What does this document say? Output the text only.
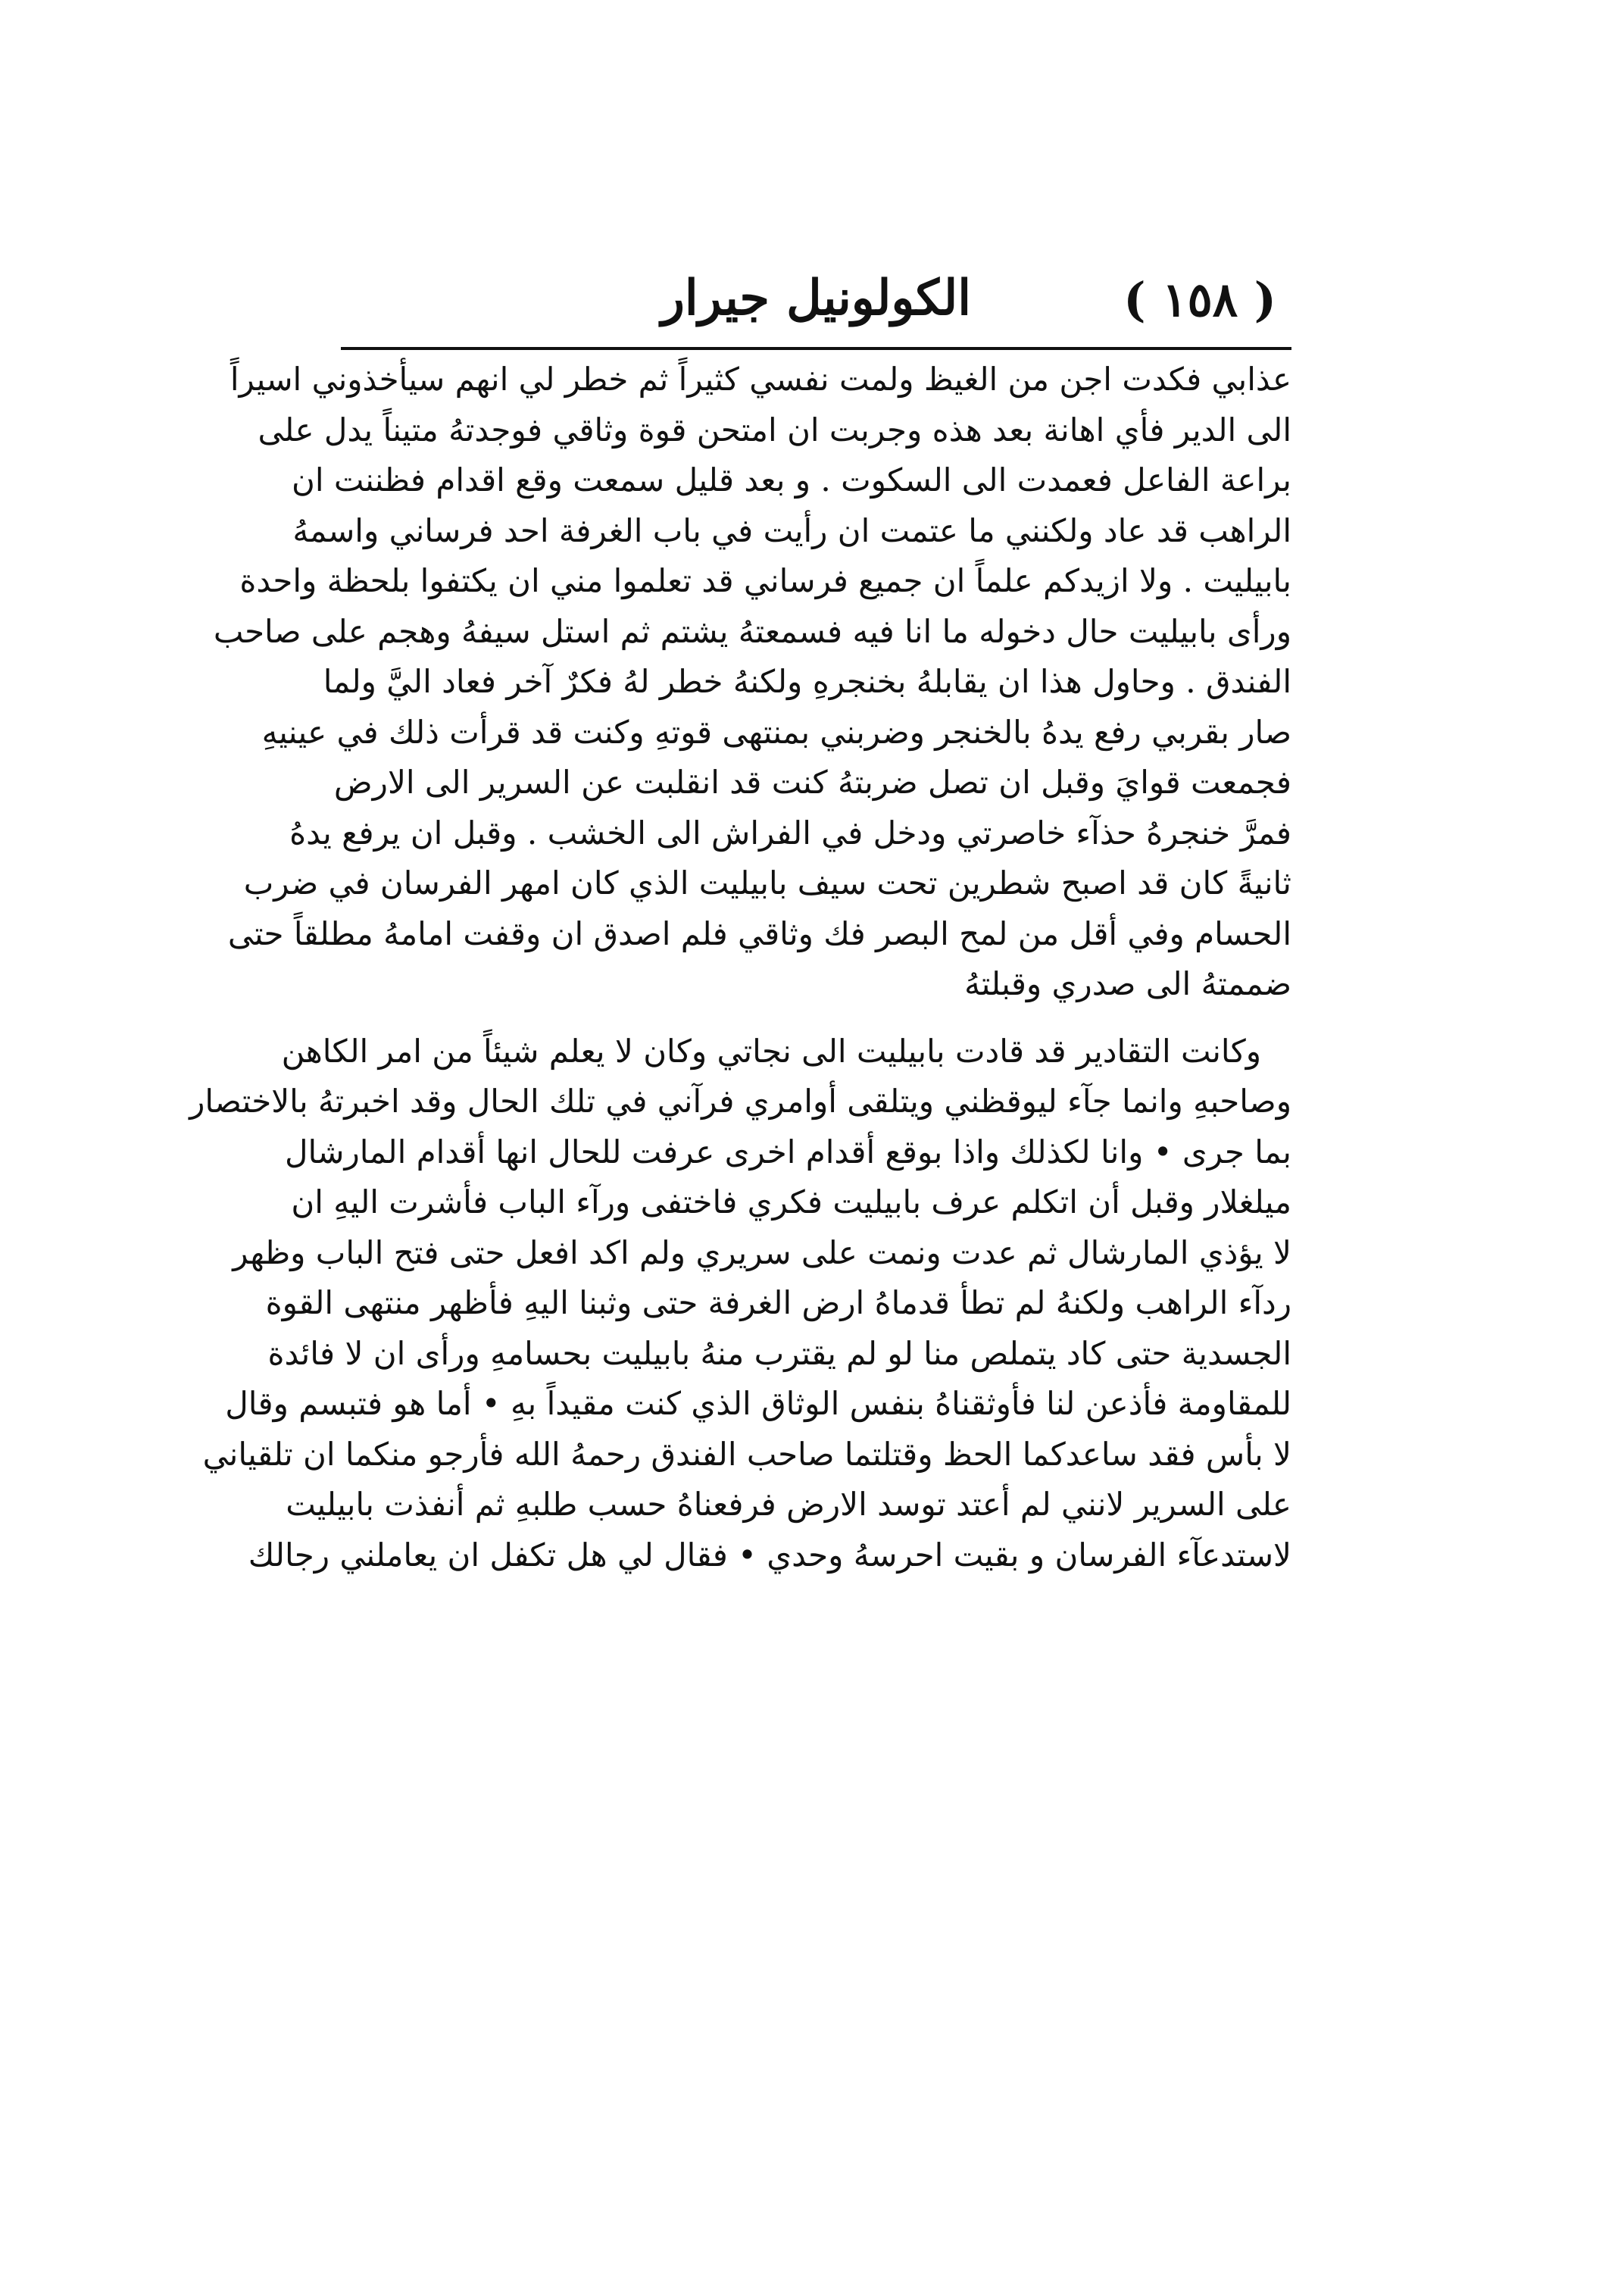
( ١٥٨ )
الكولونيل جيرار
عذابي فكدت اجن من الغيظ ولمت نفسي كثيراً ثم خطر لي انهم سيأخذوني اسيراً
الى الدير فأي اهانة بعد هذه وجربت ان امتحن قوة وثاقي فوجدتهُ متيناً يدل على
براعة الفاعل فعمدت الى السكوت . و بعد قليل سمعت وقع اقدام فظننت ان
الراهب قد عاد ولكنني ما عتمت ان رأيت في باب الغرفة احد فرساني واسمهُ
بابيليت . ولا ازيدكم علماً ان جميع فرساني قد تعلموا مني ان يكتفوا بلحظة واحدة
ورأى بابيليت حال دخوله ما انا فيه فسمعتهُ يشتم ثم استل سيفهُ وهجم على صاحب
الفندق . وحاول هذا ان يقابلهُ بخنجرهِ ولكنهُ خطر لهُ فكرٌ آخر فعاد اليَّ ولما
صار بقربي رفع يدهُ بالخنجر وضربني بمنتهى قوتهِ وكنت قد قرأت ذلك في عينيهِ
فجمعت قوايَ وقبل ان تصل ضربتهُ كنت قد انقلبت عن السرير الى الارض
فمرَّ خنجرهُ حذآء خاصرتي ودخل في الفراش الى الخشب . وقبل ان يرفع يدهُ
ثانيةً كان قد اصبح شطرين تحت سيف بابيليت الذي كان امهر الفرسان في ضرب
الحسام وفي أقل من لمح البصر فك وثاقي فلم اصدق ان وقفت امامهُ مطلقاً حتى
ضممتهُ الى صدري وقبلتهُ
وكانت التقادير قد قادت بابيليت الى نجاتي وكان لا يعلم شيئاً من امر الكاهن
وصاحبهِ وانما جآء ليوقظني ويتلقى أوامري فرآني في تلك الحال وقد اخبرتهُ بالاختصار
بما جرى • وانا لكذلك واذا بوقع أقدام اخرى عرفت للحال انها أقدام المارشال
ميلغلار وقبل أن اتكلم عرف بابيليت فكري فاختفى ورآء الباب فأشرت اليهِ ان
لا يؤذي المارشال ثم عدت ونمت على سريري ولم اكد افعل حتى فتح الباب وظهر
ردآء الراهب ولكنهُ لم تطأ قدماهُ ارض الغرفة حتى وثبنا اليهِ فأظهر منتهى القوة
الجسدية حتى كاد يتملص منا لو لم يقترب منهُ بابيليت بحسامهِ ورأى ان لا فائدة
للمقاومة فأذعن لنا فأوثقناهُ بنفس الوثاق الذي كنت مقيداً بهِ • أما هو فتبسم وقال
لا بأس فقد ساعدكما الحظ وقتلتما صاحب الفندق رحمهُ الله فأرجو منكما ان تلقياني
على السرير لانني لم أعتد توسد الارض فرفعناهُ حسب طلبهِ ثم أنفذت بابيليت
لاستدعآء الفرسان و بقيت احرسهُ وحدي • فقال لي هل تكفل ان يعاملني رجالك
